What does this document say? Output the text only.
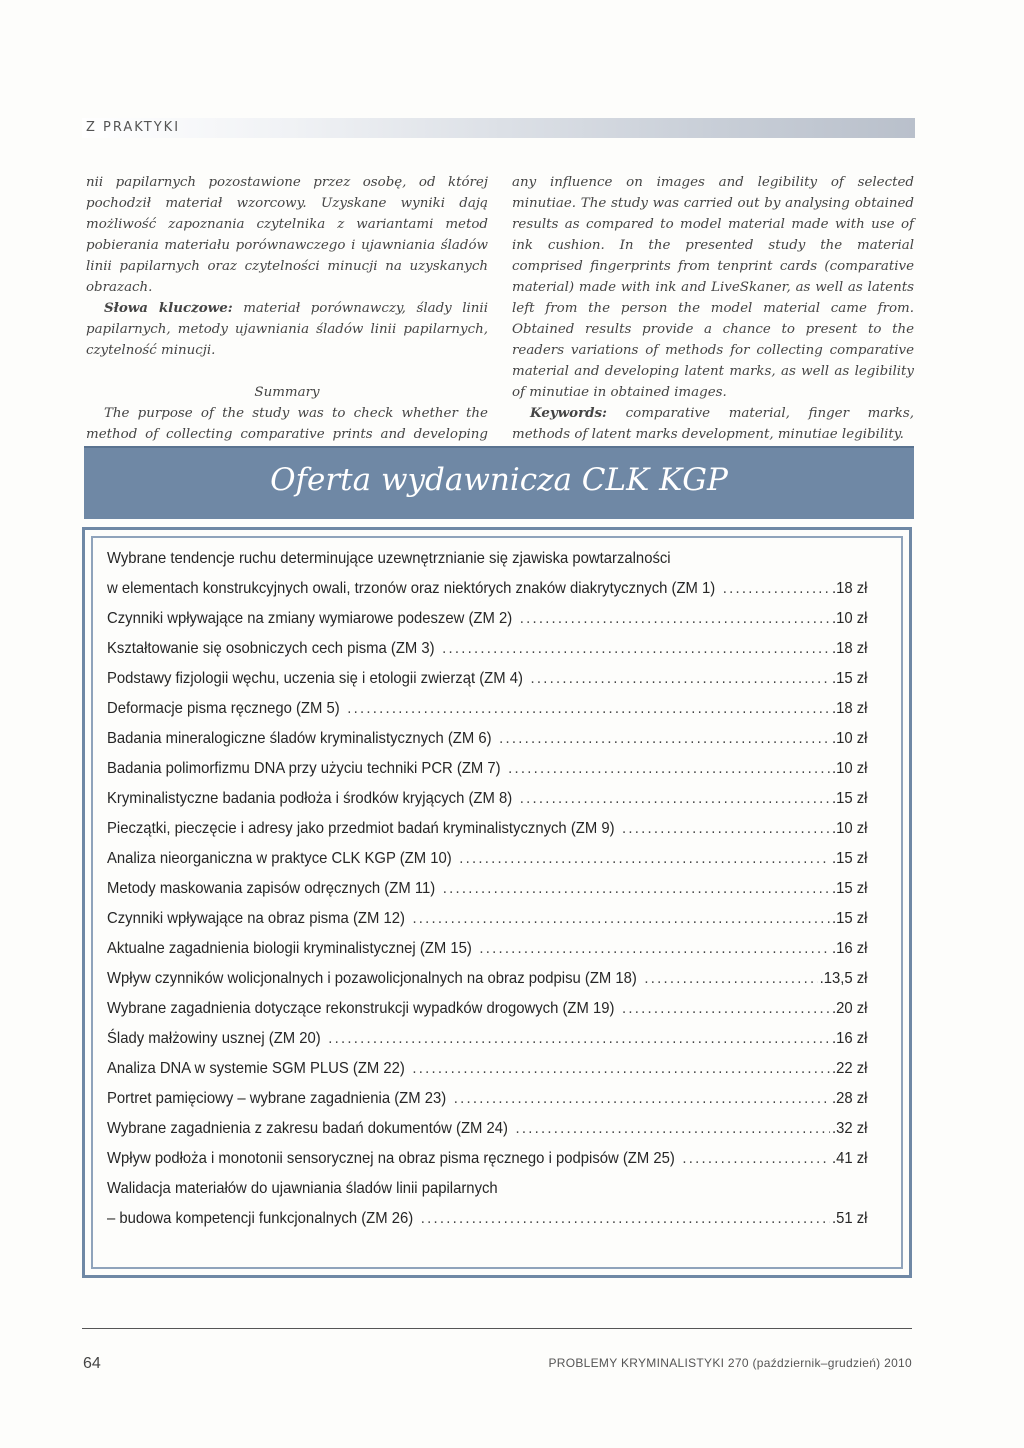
Z PRAKTYKI

nii papilarnych pozostawione przez osobę, od której pochodził materiał wzorcowy. Uzyskane wyniki dają możliwość zapoznania czytelnika z wariantami metod pobierania materiału porównawczego i ujawniania śladów linii papilarnych oraz czytelności minucji na uzyskanych obrazach.

Słowa kluczowe: materiał porównawczy, ślady linii papilarnych, metody ujawniania śladów linii papilarnych, czytelność minucji.

Summary

The purpose of the study was to check whether the method of collecting comparative prints and developing

any influence on images and legibility of selected minutiae. The study was carried out by analysing obtained results as compared to model material made with use of ink cushion. In the presented study the material comprised fingerprints from tenprint cards (comparative material) made with ink and LiveSkaner, as well as latents left from the person the model material came from. Obtained results provide a chance to present to the readers variations of methods for collecting comparative material and developing latent marks, as well as legibility of minutiae in obtained images.

Keywords: comparative material, finger marks, methods of latent marks development, minutiae legibility.

Oferta wydawnicza CLK KGP
Wybrane tendencje ruchu determinujące uzewnętrznianie się zjawiska powtarzalności
w elementach konstrukcyjnych owali, trzonów oraz niektórych znaków diakrytycznych (ZM 1) . . .	.18 zł
Czynniki wpływające na zmiany wymiarowe podeszew (ZM 2) . . .	.10 zł
Kształtowanie się osobniczych cech pisma (ZM 3) . . .	.18 zł
Podstawy fizjologii węchu, uczenia się i etologii zwierząt (ZM 4) . . .	.15 zł
Deformacje pisma ręcznego (ZM 5) . . .	.18 zł
Badania mineralogiczne śladów kryminalistycznych (ZM 6) . . .	.10 zł
Badania polimorfizmu DNA przy użyciu techniki PCR (ZM 7) . . .	.10 zł
Kryminalistyczne badania podłoża i środków kryjących (ZM 8) . . .	.15 zł
Pieczątki, pieczęcie i adresy jako przedmiot badań kryminalistycznych (ZM 9) . . .	.10 zł
Analiza nieorganiczna w praktyce CLK KGP (ZM 10) . . .	.15 zł
Metody maskowania zapisów odręcznych (ZM 11) . . .	.15 zł
Czynniki wpływające na obraz pisma (ZM 12) . . .	.15 zł
Aktualne zagadnienia biologii kryminalistycznej (ZM 15) . . .	.16 zł
Wpływ czynników wolicjonalnych i pozawolicjonalnych na obraz podpisu (ZM 18) . . .	.13,5 zł
Wybrane zagadnienia dotyczące rekonstrukcji wypadków drogowych (ZM 19) . . .	.20 zł
Ślady małżowiny usznej (ZM 20) . . .	.16 zł
Analiza DNA w systemie SGM PLUS (ZM 22) . . .	.22 zł
Portret pamięciowy – wybrane zagadnienia (ZM 23) . . .	.28 zł
Wybrane zagadnienia z zakresu badań dokumentów (ZM 24) . . .	.32 zł
Wpływ podłoża i monotonii sensorycznej na obraz pisma ręcznego i podpisów (ZM 25) . . .	.41 zł
Walidacja materiałów do ujawniania śladów linii papilarnych
– budowa kompetencji funkcjonalnych (ZM 26) . . .	.51 zł
64	PROBLEMY KRYMINALISTYKI 270 (październik–grudzień) 2010
